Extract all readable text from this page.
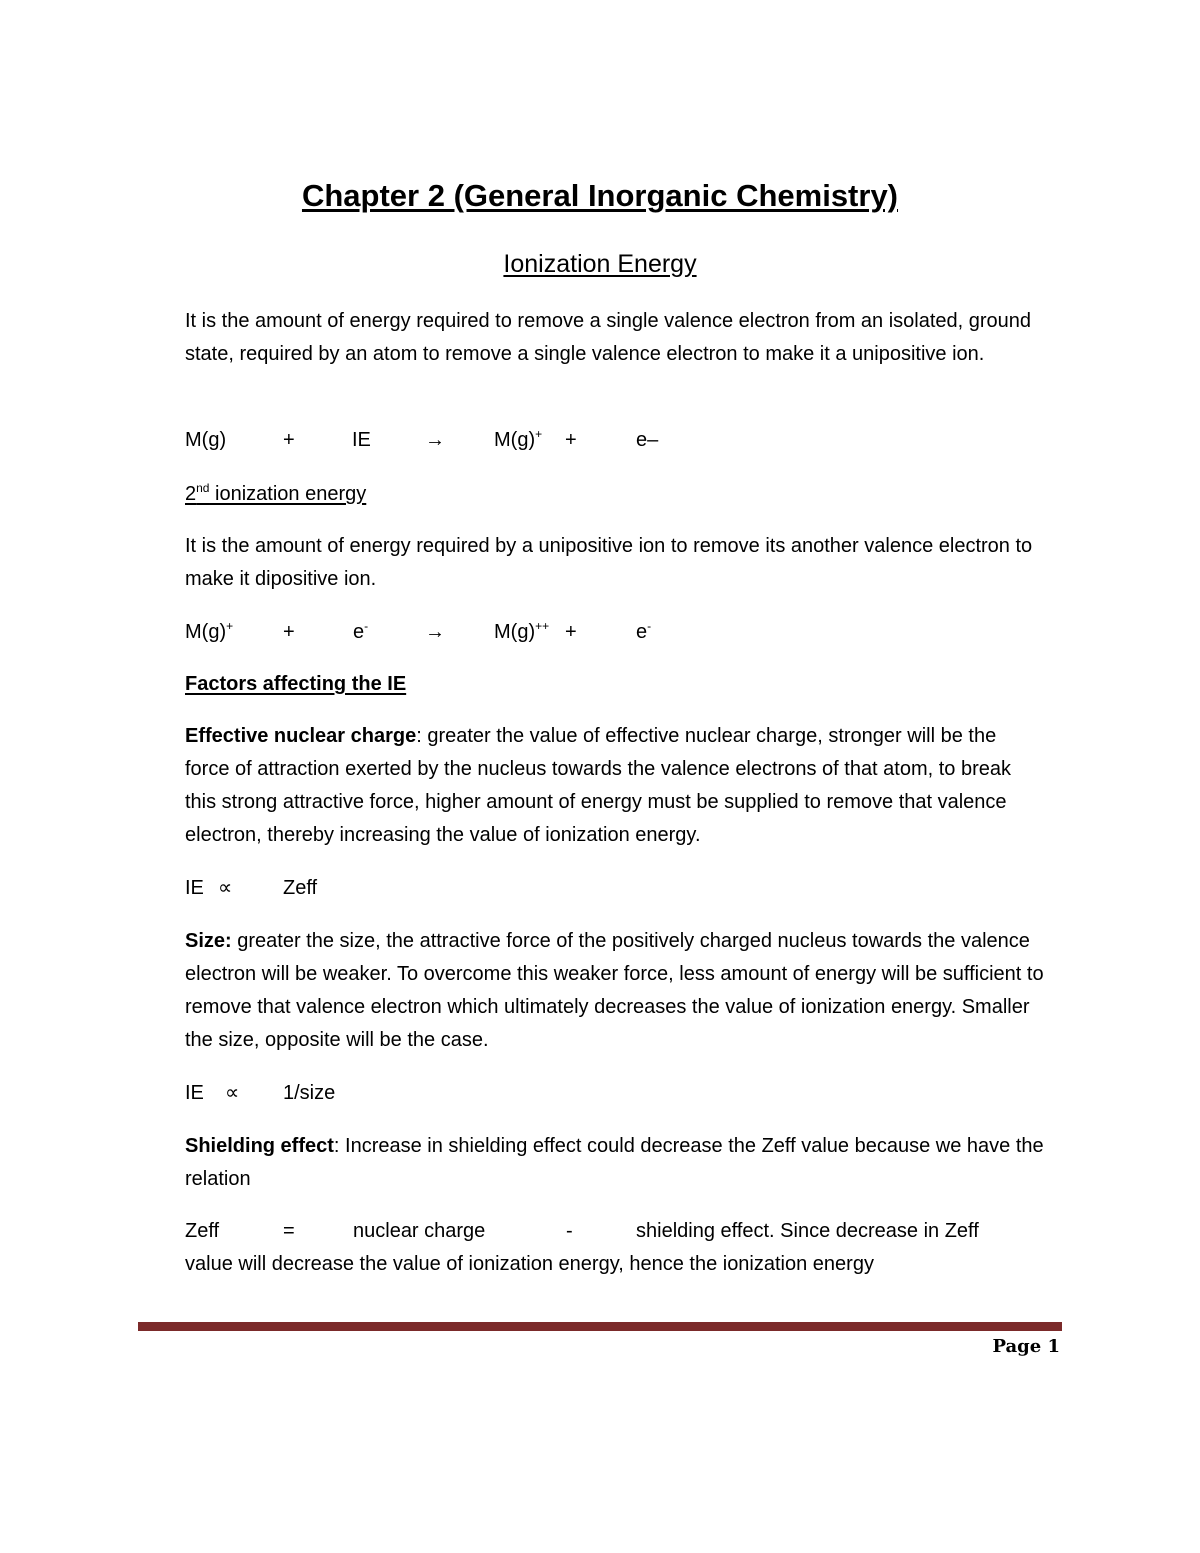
Chapter 2 (General Inorganic Chemistry)
Ionization Energy
It is the amount of energy required to remove a single valence electron from an isolated, ground state, required by an atom to remove a single valence electron to make it a unipositive ion.
M(g)	+	IE	→ M(g)+ +	e–
2nd ionization energy
It is the amount of energy required by a unipositive ion to remove its another valence electron to make it dipositive ion.
M(g)+ +	e-	→ M(g)++ +	e-
Factors affecting the IE
Effective nuclear charge: greater the value of effective nuclear charge, stronger will be the force of attraction exerted by the nucleus towards the valence electrons of that atom, to break this strong attractive force, higher amount of energy must be supplied to remove that valence electron, thereby increasing the value of ionization energy.
IE ∝	Zeff
Size: greater the size, the attractive force of the positively charged nucleus towards the valence electron will be weaker. To overcome this weaker force, less amount of energy will be sufficient to remove that valence electron which ultimately decreases the value of ionization energy. Smaller the size, opposite will be the case.
IE ∝ 1/size
Shielding effect: Increase in shielding effect could decrease the Zeff value because we have the relation
Zeff	=	nuclear charge	-	shielding effect. Since decrease in Zeff
value will decrease the value of ionization energy, hence the ionization energy
Page 1
